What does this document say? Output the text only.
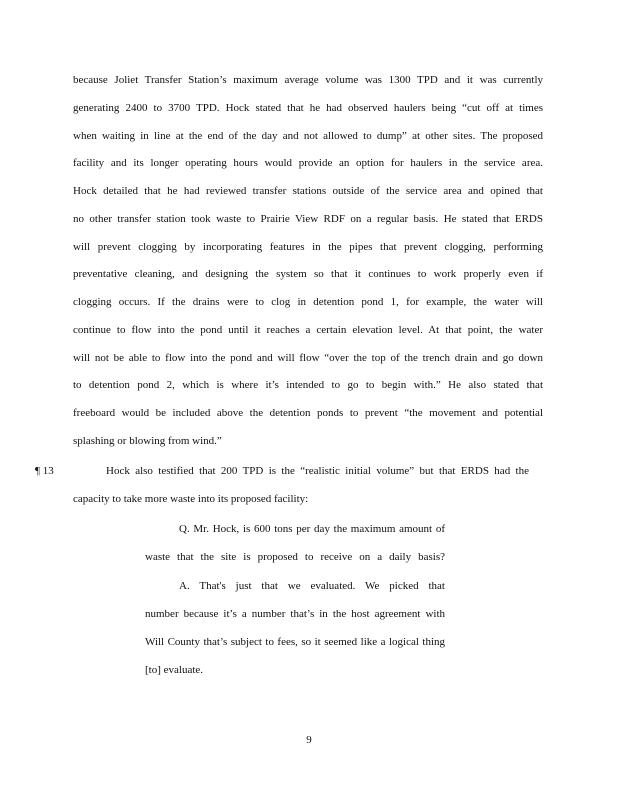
because Joliet Transfer Station’s maximum average volume was 1300 TPD and it was currently
generating 2400 to 3700 TPD. Hock stated that he had observed haulers being “cut off at times
when waiting in line at the end of the day and not allowed to dump” at other sites. The proposed
facility and its longer operating hours would provide an option for haulers in the service area.
Hock detailed that he had reviewed transfer stations outside of the service area and opined that
no other transfer station took waste to Prairie View RDF on a regular basis. He stated that ERDS
will prevent clogging by incorporating features in the pipes that prevent clogging, performing
preventative cleaning, and designing the system so that it continues to work properly even if
clogging occurs. If the drains were to clog in detention pond 1, for example, the water will
continue to flow into the pond until it reaches a certain elevation level. At that point, the water
will not be able to flow into the pond and will flow “over the top of the trench drain and go down
to detention pond 2, which is where it’s intended to go to begin with.” He also stated that
freeboard would be included above the detention ponds to prevent “the movement and potential
splashing or blowing from wind.”
¶ 13	Hock also testified that 200 TPD is the “realistic initial volume” but that ERDS had the
capacity to take more waste into its proposed facility:
Q. Mr. Hock, is 600 tons per day the maximum amount of
waste that the site is proposed to receive on a daily basis?
A. That's just that we evaluated. We picked that
number because it’s a number that’s in the host agreement with
Will County that’s subject to fees, so it seemed like a logical thing
[to] evaluate.
9
